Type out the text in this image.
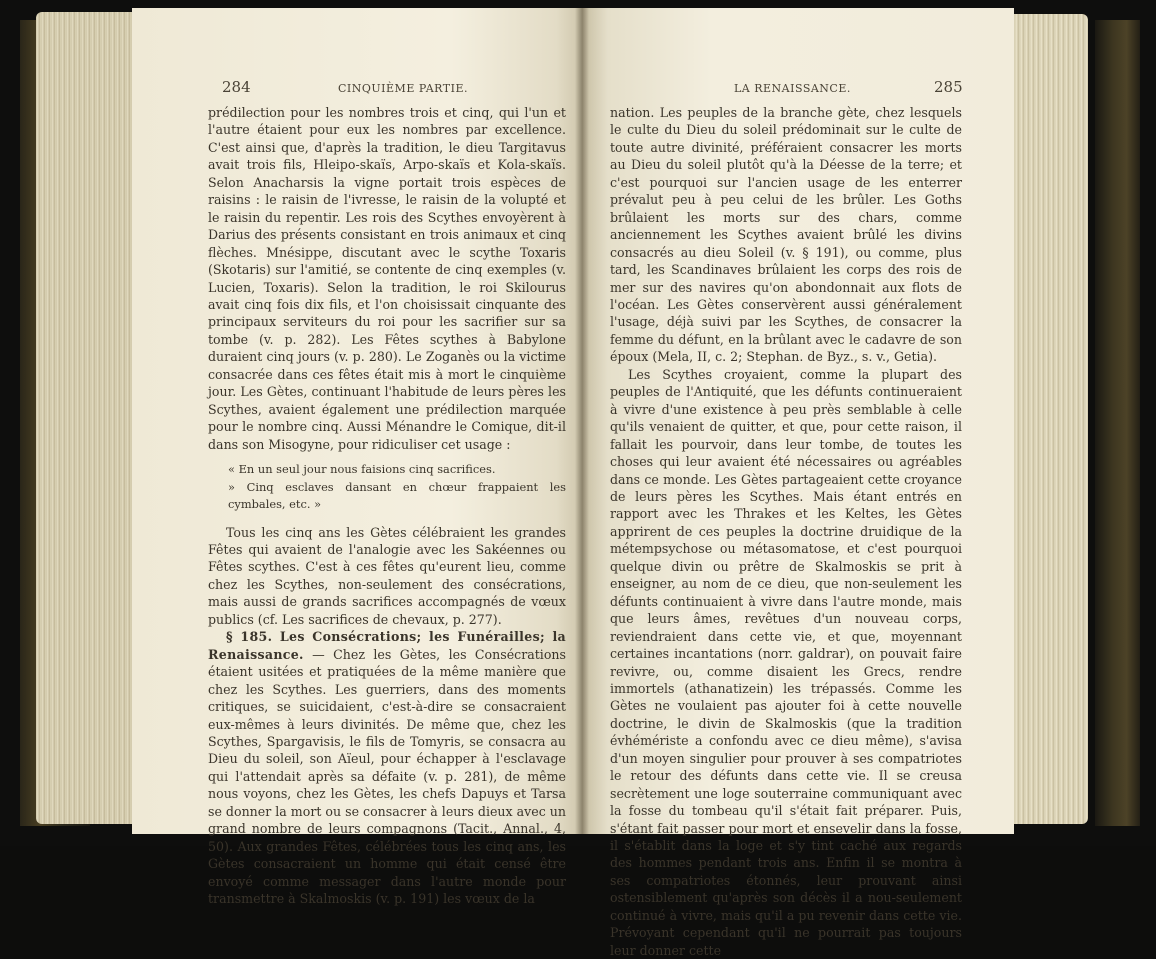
284	CINQUIÈME PARTIE.

prédilection pour les nombres trois et cinq, qui l'un et l'autre étaient pour eux les nombres par excellence. C'est ainsi que, d'après la tradition, le dieu Targitavus avait trois fils, Hleipo-skaïs, Arpo-skaïs et Kola-skaïs. Selon Anacharsis la vigne portait trois espèces de raisins : le raisin de l'ivresse, le raisin de la volupté et le raisin du repentir. Les rois des Scythes envoyèrent à Darius des présents consistant en trois animaux et cinq flèches. Mnésippe, discutant avec le scythe Toxaris (Skotaris) sur l'amitié, se contente de cinq exemples (v. Lucien, Toxaris). Selon la tradition, le roi Skilourus avait cinq fois dix fils, et l'on choisissait cinquante des principaux serviteurs du roi pour les sacrifier sur sa tombe (v. p. 282). Les Fêtes scythes à Babylone duraient cinq jours (v. p. 280). Le Zoganès ou la victime consacrée dans ces fêtes était mis à mort le cinquième jour. Les Gètes, continuant l'habitude de leurs pères les Scythes, avaient également une prédilection marquée pour le nombre cinq. Aussi Ménandre le Comique, dit-il dans son Misogyne, pour ridiculiser cet usage :

« En un seul jour nous faisions cinq sacrifices.
» Cinq esclaves dansant en chœur frappaient les cymbales, etc. »

Tous les cinq ans les Gètes célébraient les grandes Fêtes qui avaient de l'analogie avec les Sakéennes ou Fêtes scythes. C'est à ces fêtes qu'eurent lieu, comme chez les Scythes, non-seulement des consécrations, mais aussi de grands sacrifices accompagnés de vœux publics (cf. Les sacrifices de chevaux, p. 277).

§ 185. Les Consécrations; les Funérailles; la Renaissance. — Chez les Gètes, les Consécrations étaient usitées et pratiquées de la même manière que chez les Scythes. Les guerriers, dans des moments critiques, se suicidaient, c'est-à-dire se consacraient eux-mêmes à leurs divinités. De même que, chez les Scythes, Spargavisis, le fils de Tomyris, se consacra au Dieu du soleil, son Aïeul, pour échapper à l'esclavage qui l'attendait après sa défaite (v. p. 281), de même nous voyons, chez les Gètes, les chefs Dapuys et Tarsa se donner la mort ou se consacrer à leurs dieux avec un grand nombre de leurs compagnons (Tacit., Annal., 4, 50). Aux grandes Fêtes, célébrées tous les cinq ans, les Gètes consacraient un homme qui était censé être envoyé comme messager dans l'autre monde pour transmettre à Skalmoskis (v. p. 191) les vœux de la

LA RENAISSANCE.	285

nation. Les peuples de la branche gète, chez lesquels le culte du Dieu du soleil prédominait sur le culte de toute autre divinité, préféraient consacrer les morts au Dieu du soleil plutôt qu'à la Déesse de la terre; et c'est pourquoi sur l'ancien usage de les enterrer prévalut peu à peu celui de les brûler. Les Goths brûlaient les morts sur des chars, comme anciennement les Scythes avaient brûlé les divins consacrés au dieu Soleil (v. § 191), ou comme, plus tard, les Scandinaves brûlaient les corps des rois de mer sur des navires qu'on abondonnait aux flots de l'océan. Les Gètes conservèrent aussi généralement l'usage, déjà suivi par les Scythes, de consacrer la femme du défunt, en la brûlant avec le cadavre de son époux (Mela, II, c. 2; Stephan. de Byz., s. v., Getia).

Les Scythes croyaient, comme la plupart des peuples de l'Antiquité, que les défunts continueraient à vivre d'une existence à peu près semblable à celle qu'ils venaient de quitter, et que, pour cette raison, il fallait les pourvoir, dans leur tombe, de toutes les choses qui leur avaient été nécessaires ou agréables dans ce monde. Les Gètes partageaient cette croyance de leurs pères les Scythes. Mais étant entrés en rapport avec les Thrakes et les Keltes, les Gètes apprirent de ces peuples la doctrine druidique de la métempsychose ou métasomatose, et c'est pourquoi quelque divin ou prêtre de Skalmoskis se prit à enseigner, au nom de ce dieu, que non-seulement les défunts continuaient à vivre dans l'autre monde, mais que leurs âmes, revêtues d'un nouveau corps, reviendraient dans cette vie, et que, moyennant certaines incantations (norr. galdrar), on pouvait faire revivre, ou, comme disaient les Grecs, rendre immortels (athanatizein) les trépassés. Comme les Gètes ne voulaient pas ajouter foi à cette nouvelle doctrine, le divin de Skalmoskis (que la tradition évhémériste a confondu avec ce dieu même), s'avisa d'un moyen singulier pour prouver à ses compatriotes le retour des défunts dans cette vie. Il se creusa secrètement une loge souterraine communiquant avec la fosse du tombeau qu'il s'était fait préparer. Puis, s'étant fait passer pour mort et ensevelir dans la fosse, il s'établit dans la loge et s'y tint caché aux regards des hommes pendant trois ans. Enfin il se montra à ses compatriotes étonnés, leur prouvant ainsi ostensiblement qu'après son décès il a nou-seulement continué à vivre, mais qu'il a pu revenir dans cette vie. Prévoyant cependant qu'il ne pourrait pas toujours leur donner cette
